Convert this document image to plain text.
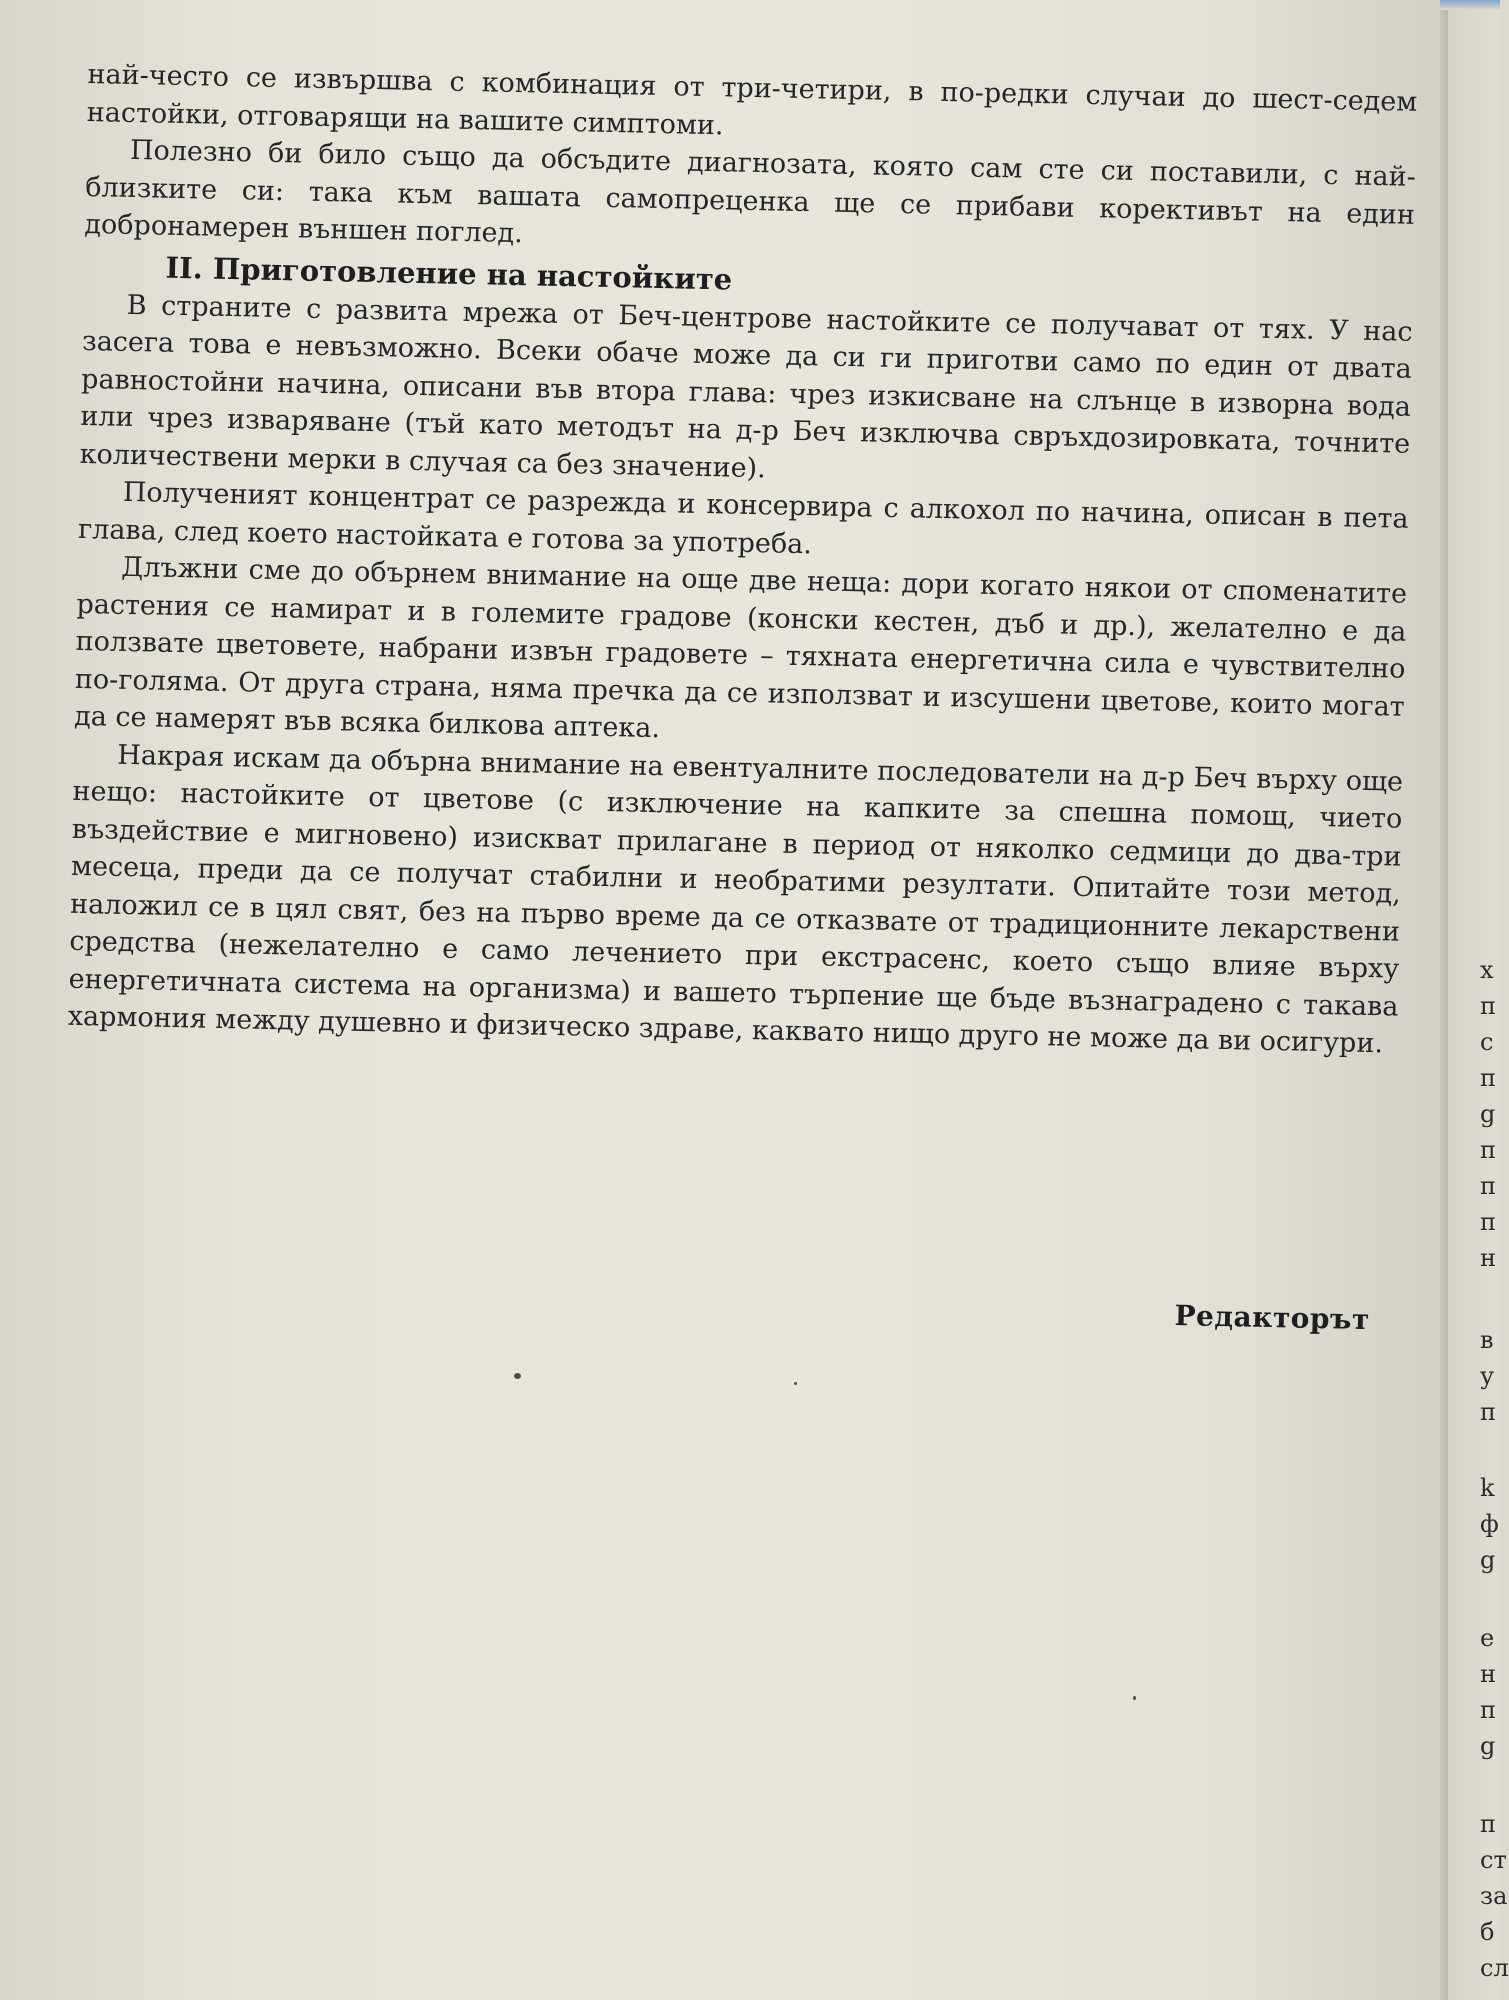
най-често се извършва с комбинация от три-четири, в по-редки случаи до шест-седем настойки, отговарящи на вашите симптоми.

Полезно би било също да обсъдите диагнозата, която сам сте си поставили, с най-близките си: така към вашата самопреценка ще се прибави корективът на един добронамерен външен поглед.

II. Приготовление на настойките

В страните с развита мрежа от Беч-центрове настойките се получават от тях. У нас засега това е невъзможно. Всеки обаче може да си ги приготви само по един от двата равностойни начина, описани във втора глава: чрез изкисване на слънце в изворна вода или чрез изваряване (тъй като методът на д-р Беч изключва свръхдозировката, точните количествени мерки в случая са без значение).

Полученият концентрат се разрежда и консервира с алкохол по начина, описан в пета глава, след което настойката е готова за употреба.

Длъжни сме до обърнем внимание на още две неща: дори когато някои от споменатите растения се намират и в големите градове (конски кестен, дъб и др.), желателно е да ползвате цветовете, набрани извън градовете – тяхната енергетична сила е чувствително по-голяма. От друга страна, няма пречка да се използват и изсушени цветове, които могат да се намерят във всяка билкова аптека.

Накрая искам да обърна внимание на евентуалните последователи на д-р Беч върху още нещо: настойките от цветове (с изключение на капките за спешна помощ, чието въздействие е мигновено) изискват прилагане в период от няколко седмици до два-три месеца, преди да се получат стабилни и необратими резултати. Опитайте този метод, наложил се в цял свят, без на първо време да се отказвате от традиционните лекарствени средства (нежелателно е само лечението при екстрасенс, което също влияе върху енергетичната система на организма) и вашето търпение ще бъде възнаградено с такава хармония между душевно и физическо здраве, каквато нищо друго не може да ви осигури.

Редакторът
х
п
с
п
g
п
п
п
н
в
у
п
k
ф
g
е
н
п
g
п
ст
за
б
сл
